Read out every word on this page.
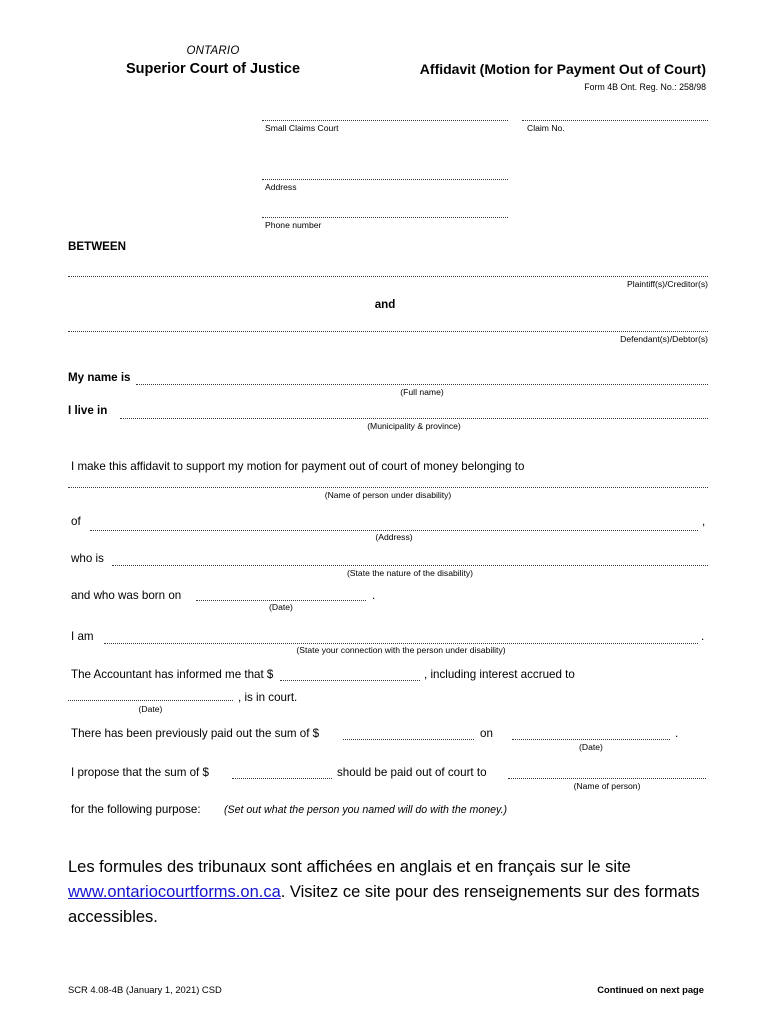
ONTARIO
Superior Court of Justice	Affidavit (Motion for Payment Out of Court)
Form 4B Ont. Reg. No.: 258/98
Small Claims Court	Claim No.
Address
Phone number
BETWEEN
Plaintiff(s)/Creditor(s)
and
Defendant(s)/Debtor(s)
My name is
(Full name)
I live in
(Municipality & province)
I make this affidavit to support my motion for payment out of court of money belonging to
(Name of person under disability)
of	,
(Address)
who is
(State the nature of the disability)
and who was born on	.
(Date)
I am	.
(State your connection with the person under disability)
The Accountant has informed me that $	, including interest accrued to
, is in court.
(Date)
There has been previously paid out the sum of $	on	.
(Date)
I propose that the sum of $	should be paid out of court to
(Name of person)
for the following purpose: (Set out what the person you named will do with the money.)
Les formules des tribunaux sont affichées en anglais et en français sur le site www.ontariocourtforms.on.ca. Visitez ce site pour des renseignements sur des formats accessibles.
SCR 4.08-4B (January 1, 2021) CSD	Continued on next page
